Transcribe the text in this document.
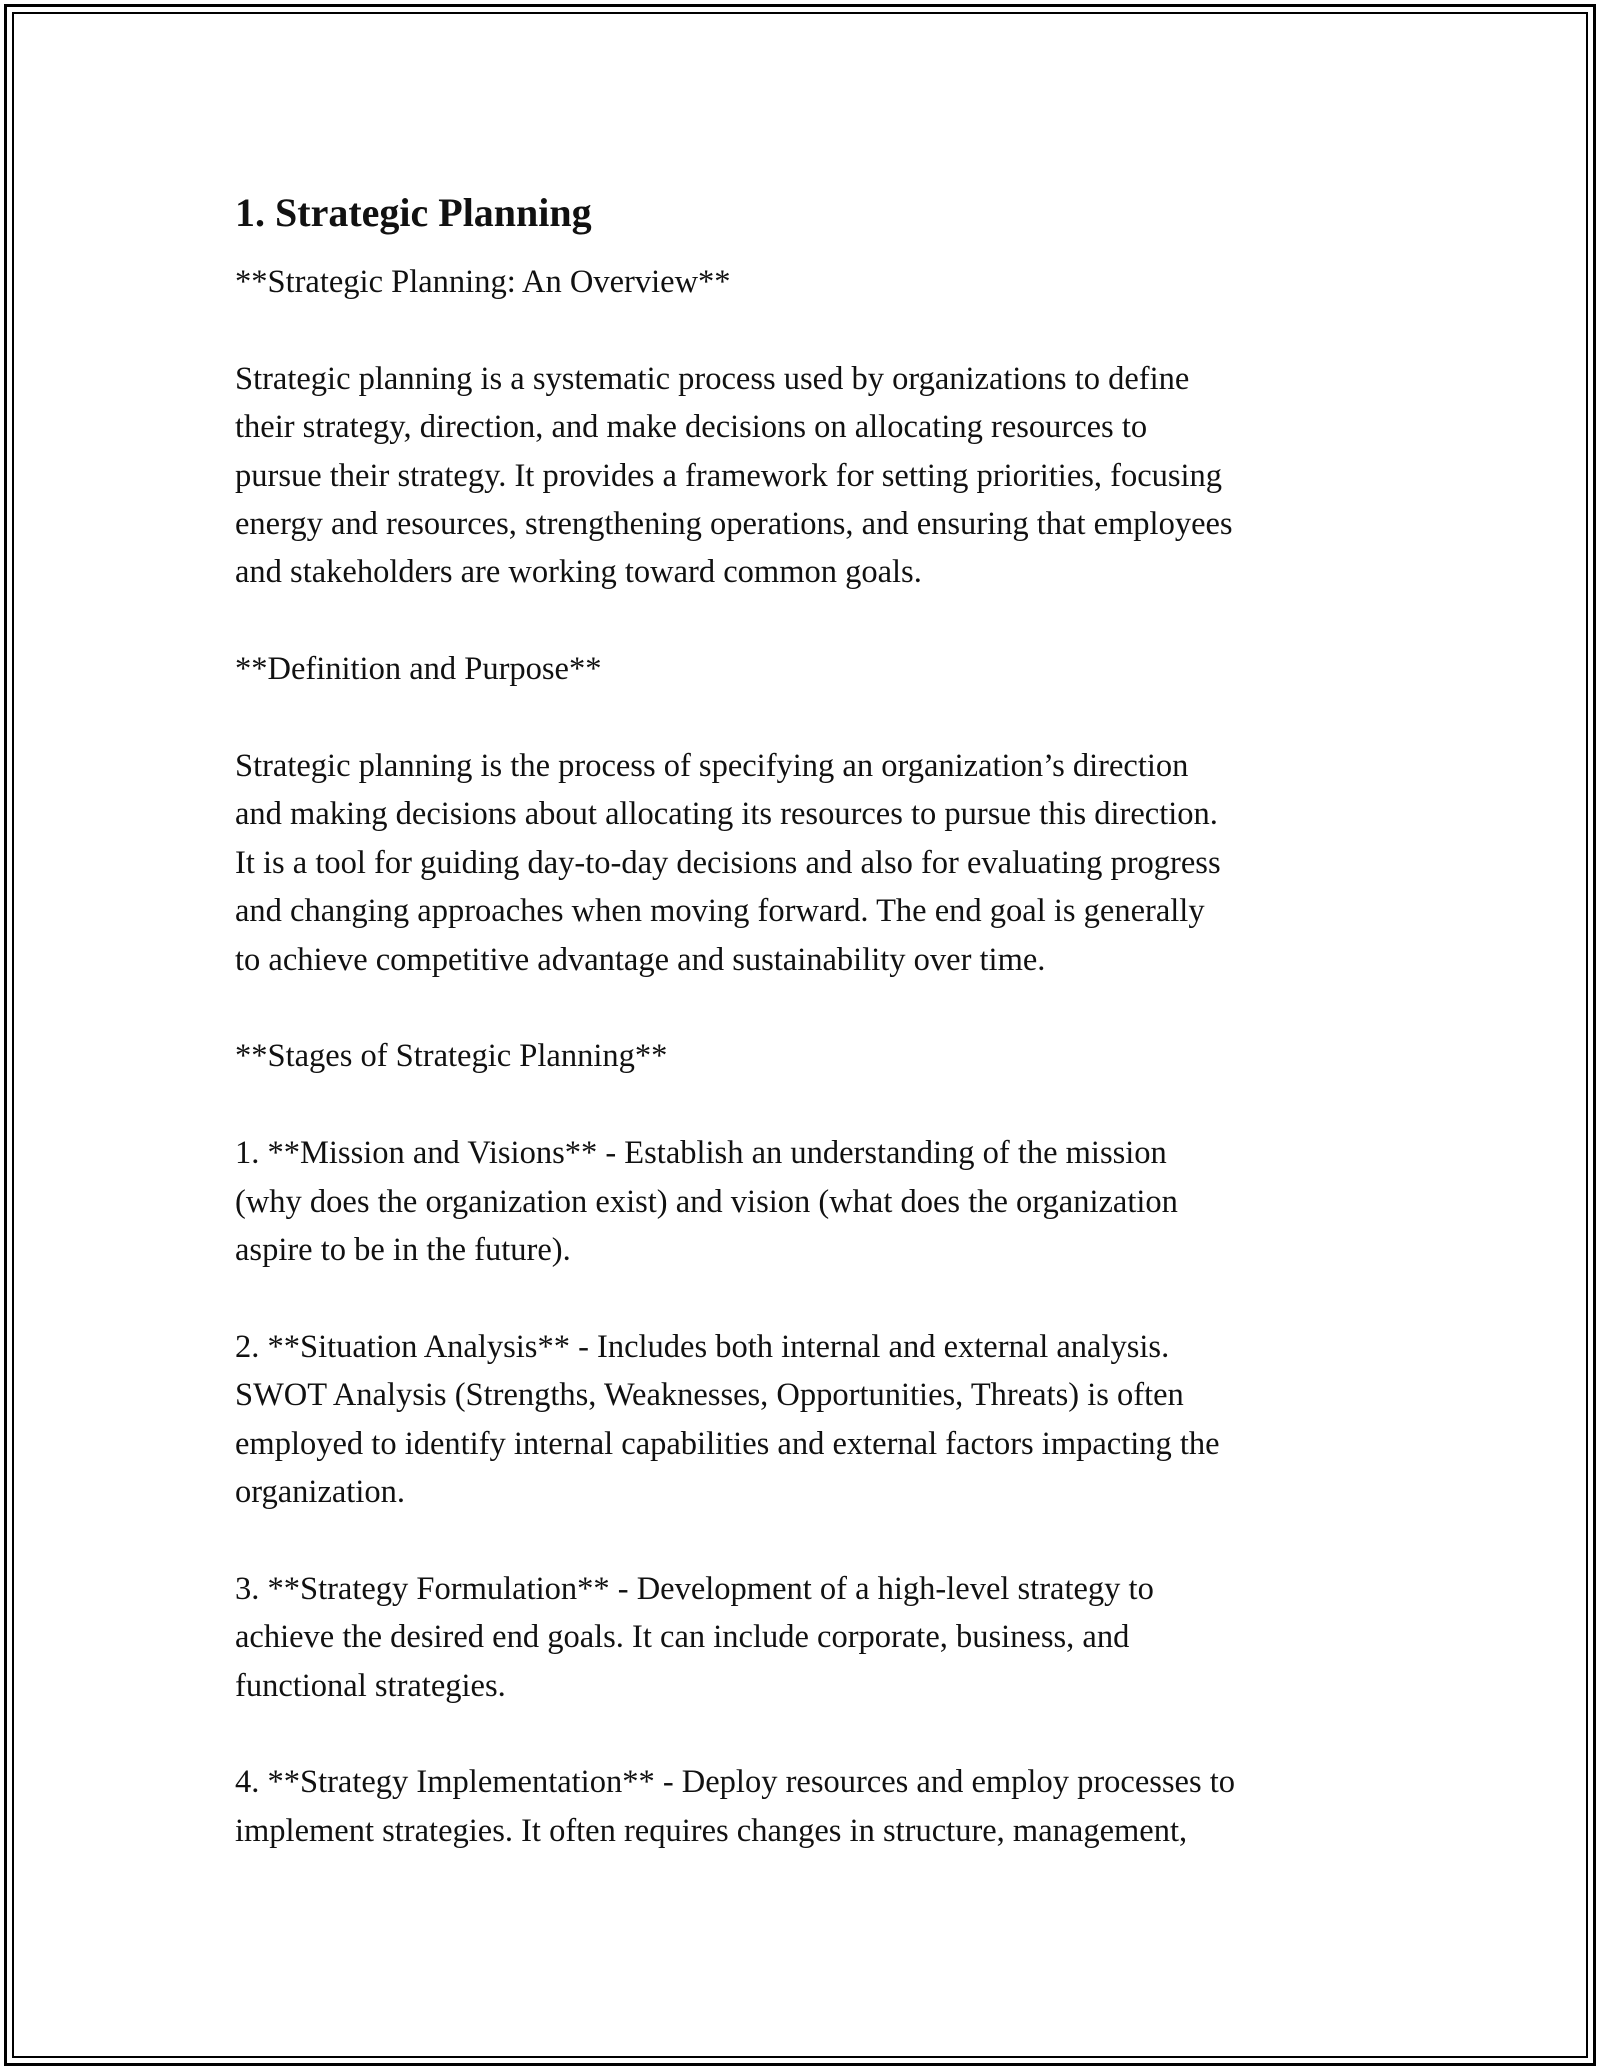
1. Strategic Planning

**Strategic Planning: An Overview**

Strategic planning is a systematic process used by organizations to define
their strategy, direction, and make decisions on allocating resources to
pursue their strategy. It provides a framework for setting priorities, focusing
energy and resources, strengthening operations, and ensuring that employees
and stakeholders are working toward common goals.

**Definition and Purpose**

Strategic planning is the process of specifying an organization’s direction
and making decisions about allocating its resources to pursue this direction.
It is a tool for guiding day-to-day decisions and also for evaluating progress
and changing approaches when moving forward. The end goal is generally
to achieve competitive advantage and sustainability over time.

**Stages of Strategic Planning**

1. **Mission and Visions** - Establish an understanding of the mission
(why does the organization exist) and vision (what does the organization
aspire to be in the future).

2. **Situation Analysis** - Includes both internal and external analysis.
SWOT Analysis (Strengths, Weaknesses, Opportunities, Threats) is often
employed to identify internal capabilities and external factors impacting the
organization.

3. **Strategy Formulation** - Development of a high-level strategy to
achieve the desired end goals. It can include corporate, business, and
functional strategies.

4. **Strategy Implementation** - Deploy resources and employ processes to
implement strategies. It often requires changes in structure, management,
